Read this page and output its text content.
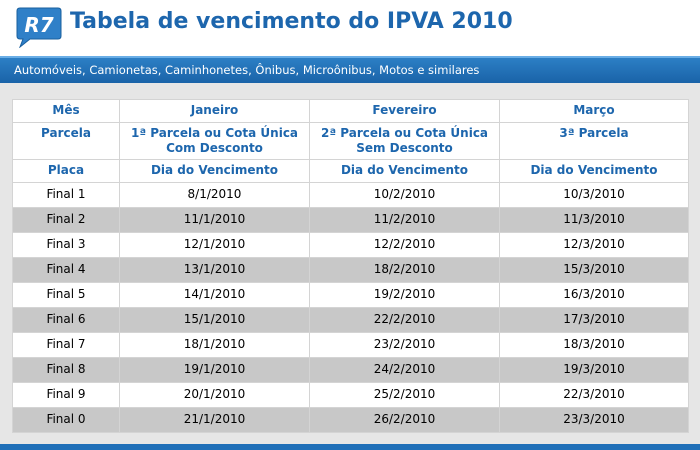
R7 Tabela de vencimento do IPVA 2010
Automóveis, Camionetas, Caminhonetes, Ônibus, Microônibus, Motos e similares
Mês	Janeiro	Fevereiro	Março
Parcela	1ª Parcela ou Cota Única Com Desconto	2ª Parcela ou Cota Única Sem Desconto	3ª Parcela
Placa	Dia do Vencimento	Dia do Vencimento	Dia do Vencimento
Final 1	8/1/2010	10/2/2010	10/3/2010
Final 2	11/1/2010	11/2/2010	11/3/2010
Final 3	12/1/2010	12/2/2010	12/3/2010
Final 4	13/1/2010	18/2/2010	15/3/2010
Final 5	14/1/2010	19/2/2010	16/3/2010
Final 6	15/1/2010	22/2/2010	17/3/2010
Final 7	18/1/2010	23/2/2010	18/3/2010
Final 8	19/1/2010	24/2/2010	19/3/2010
Final 9	20/1/2010	25/2/2010	22/3/2010
Final 0	21/1/2010	26/2/2010	23/3/2010
